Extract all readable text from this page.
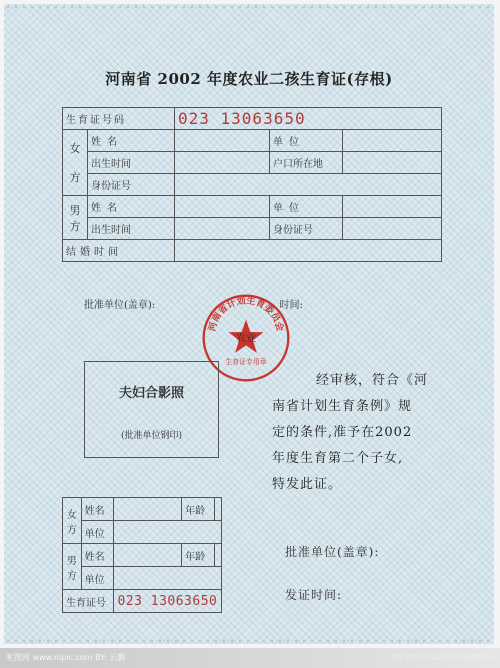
河南省 2002 年度农业二孩生育证(存根)
生育证号码		023 13063650		
女

方	姓名		单位	
	出生时间		户口所在地	
	身份证号			
男
方	姓名		单位	
	出生时间		身份证号	
结婚时间				
批准单位(盖章):	时间:
河南省计划生育委员会
生育证专用章
农业
夫妇合影照
(批准单位钢印)
经审核，符合《河
南省计划生育条例》规
定的条件,准予在2002
年度生育第二个子女,
特发此证。
女
方	姓名		年龄	
	单位			
男
方	姓名		年龄	
	单位			
生育证号		023 13063650		
批准单位(盖章):
发证时间:
呢图网 www.nipic.com BY: 云飘	NO:20110711162613405169
